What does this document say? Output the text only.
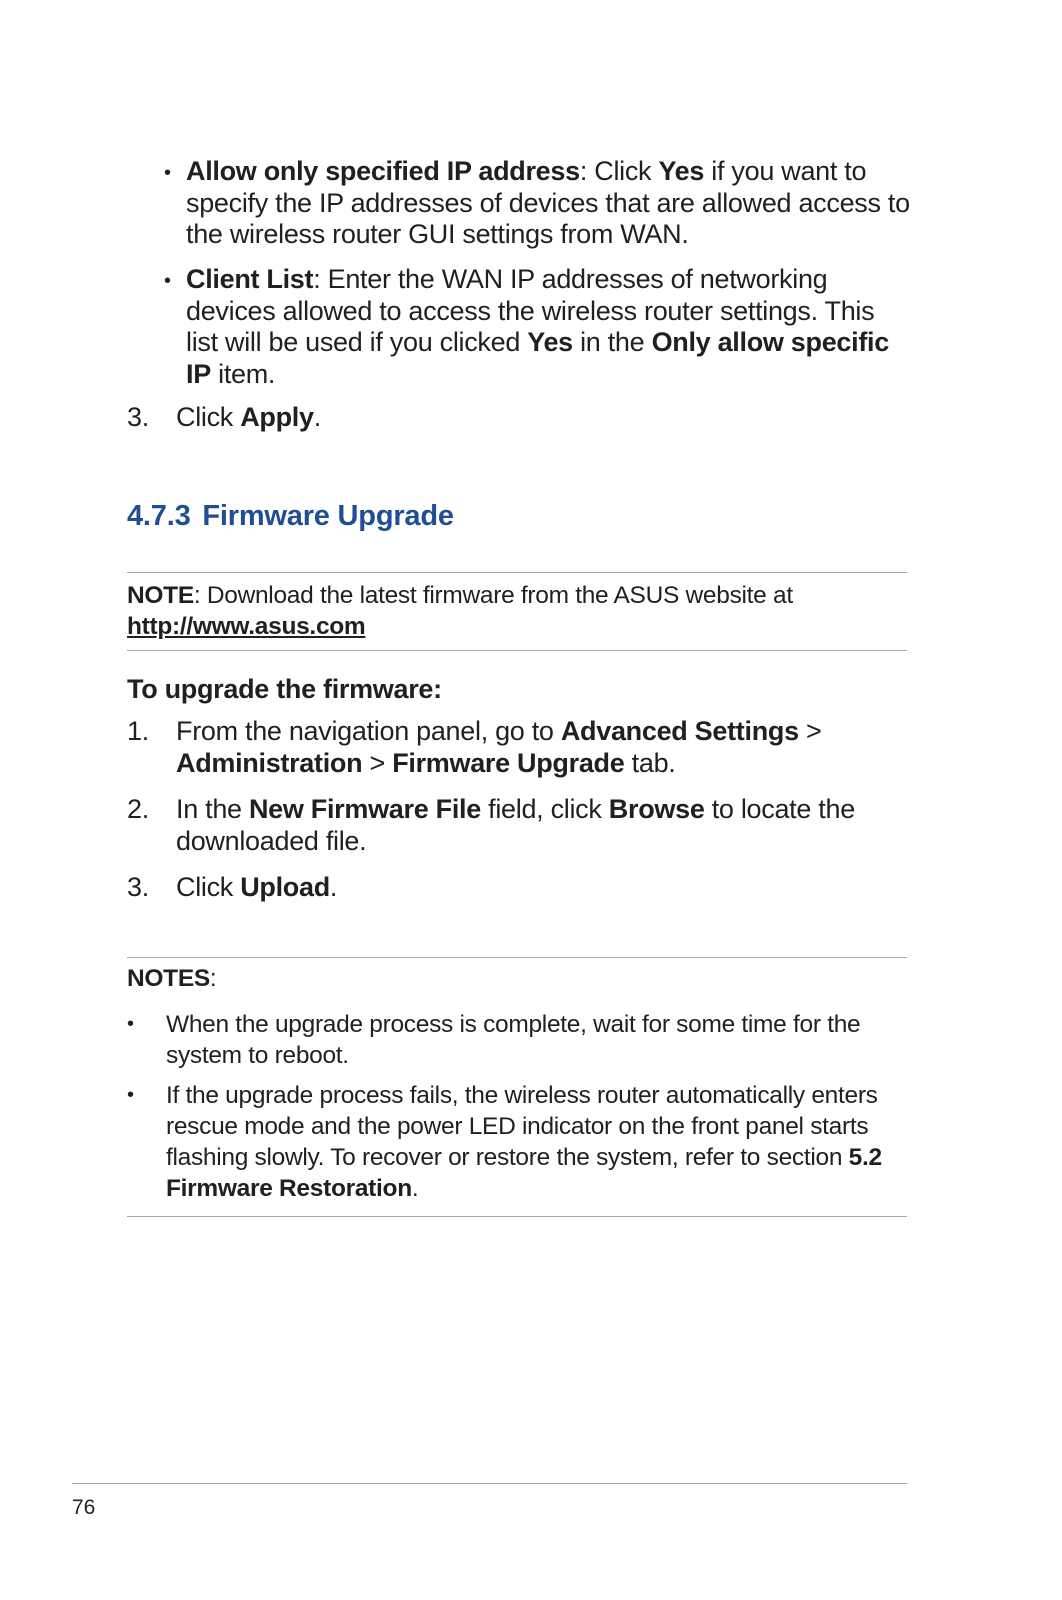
• Allow only specified IP address: Click Yes if you want to specify the IP addresses of devices that are allowed access to the wireless router GUI settings from WAN.
• Client List: Enter the WAN IP addresses of networking devices allowed to access the wireless router settings. This list will be used if you clicked Yes in the Only allow specific IP item.
3. Click Apply.
4.7.3 Firmware Upgrade
NOTE: Download the latest firmware from the ASUS website at
http://www.asus.com
To upgrade the firmware:
1. From the navigation panel, go to Advanced Settings > Administration > Firmware Upgrade tab.
2. In the New Firmware File field, click Browse to locate the downloaded file.
3. Click Upload.
NOTES:
• When the upgrade process is complete, wait for some time for the system to reboot.
• If the upgrade process fails, the wireless router automatically enters rescue mode and the power LED indicator on the front panel starts flashing slowly. To recover or restore the system, refer to section 5.2 Firmware Restoration.
76
